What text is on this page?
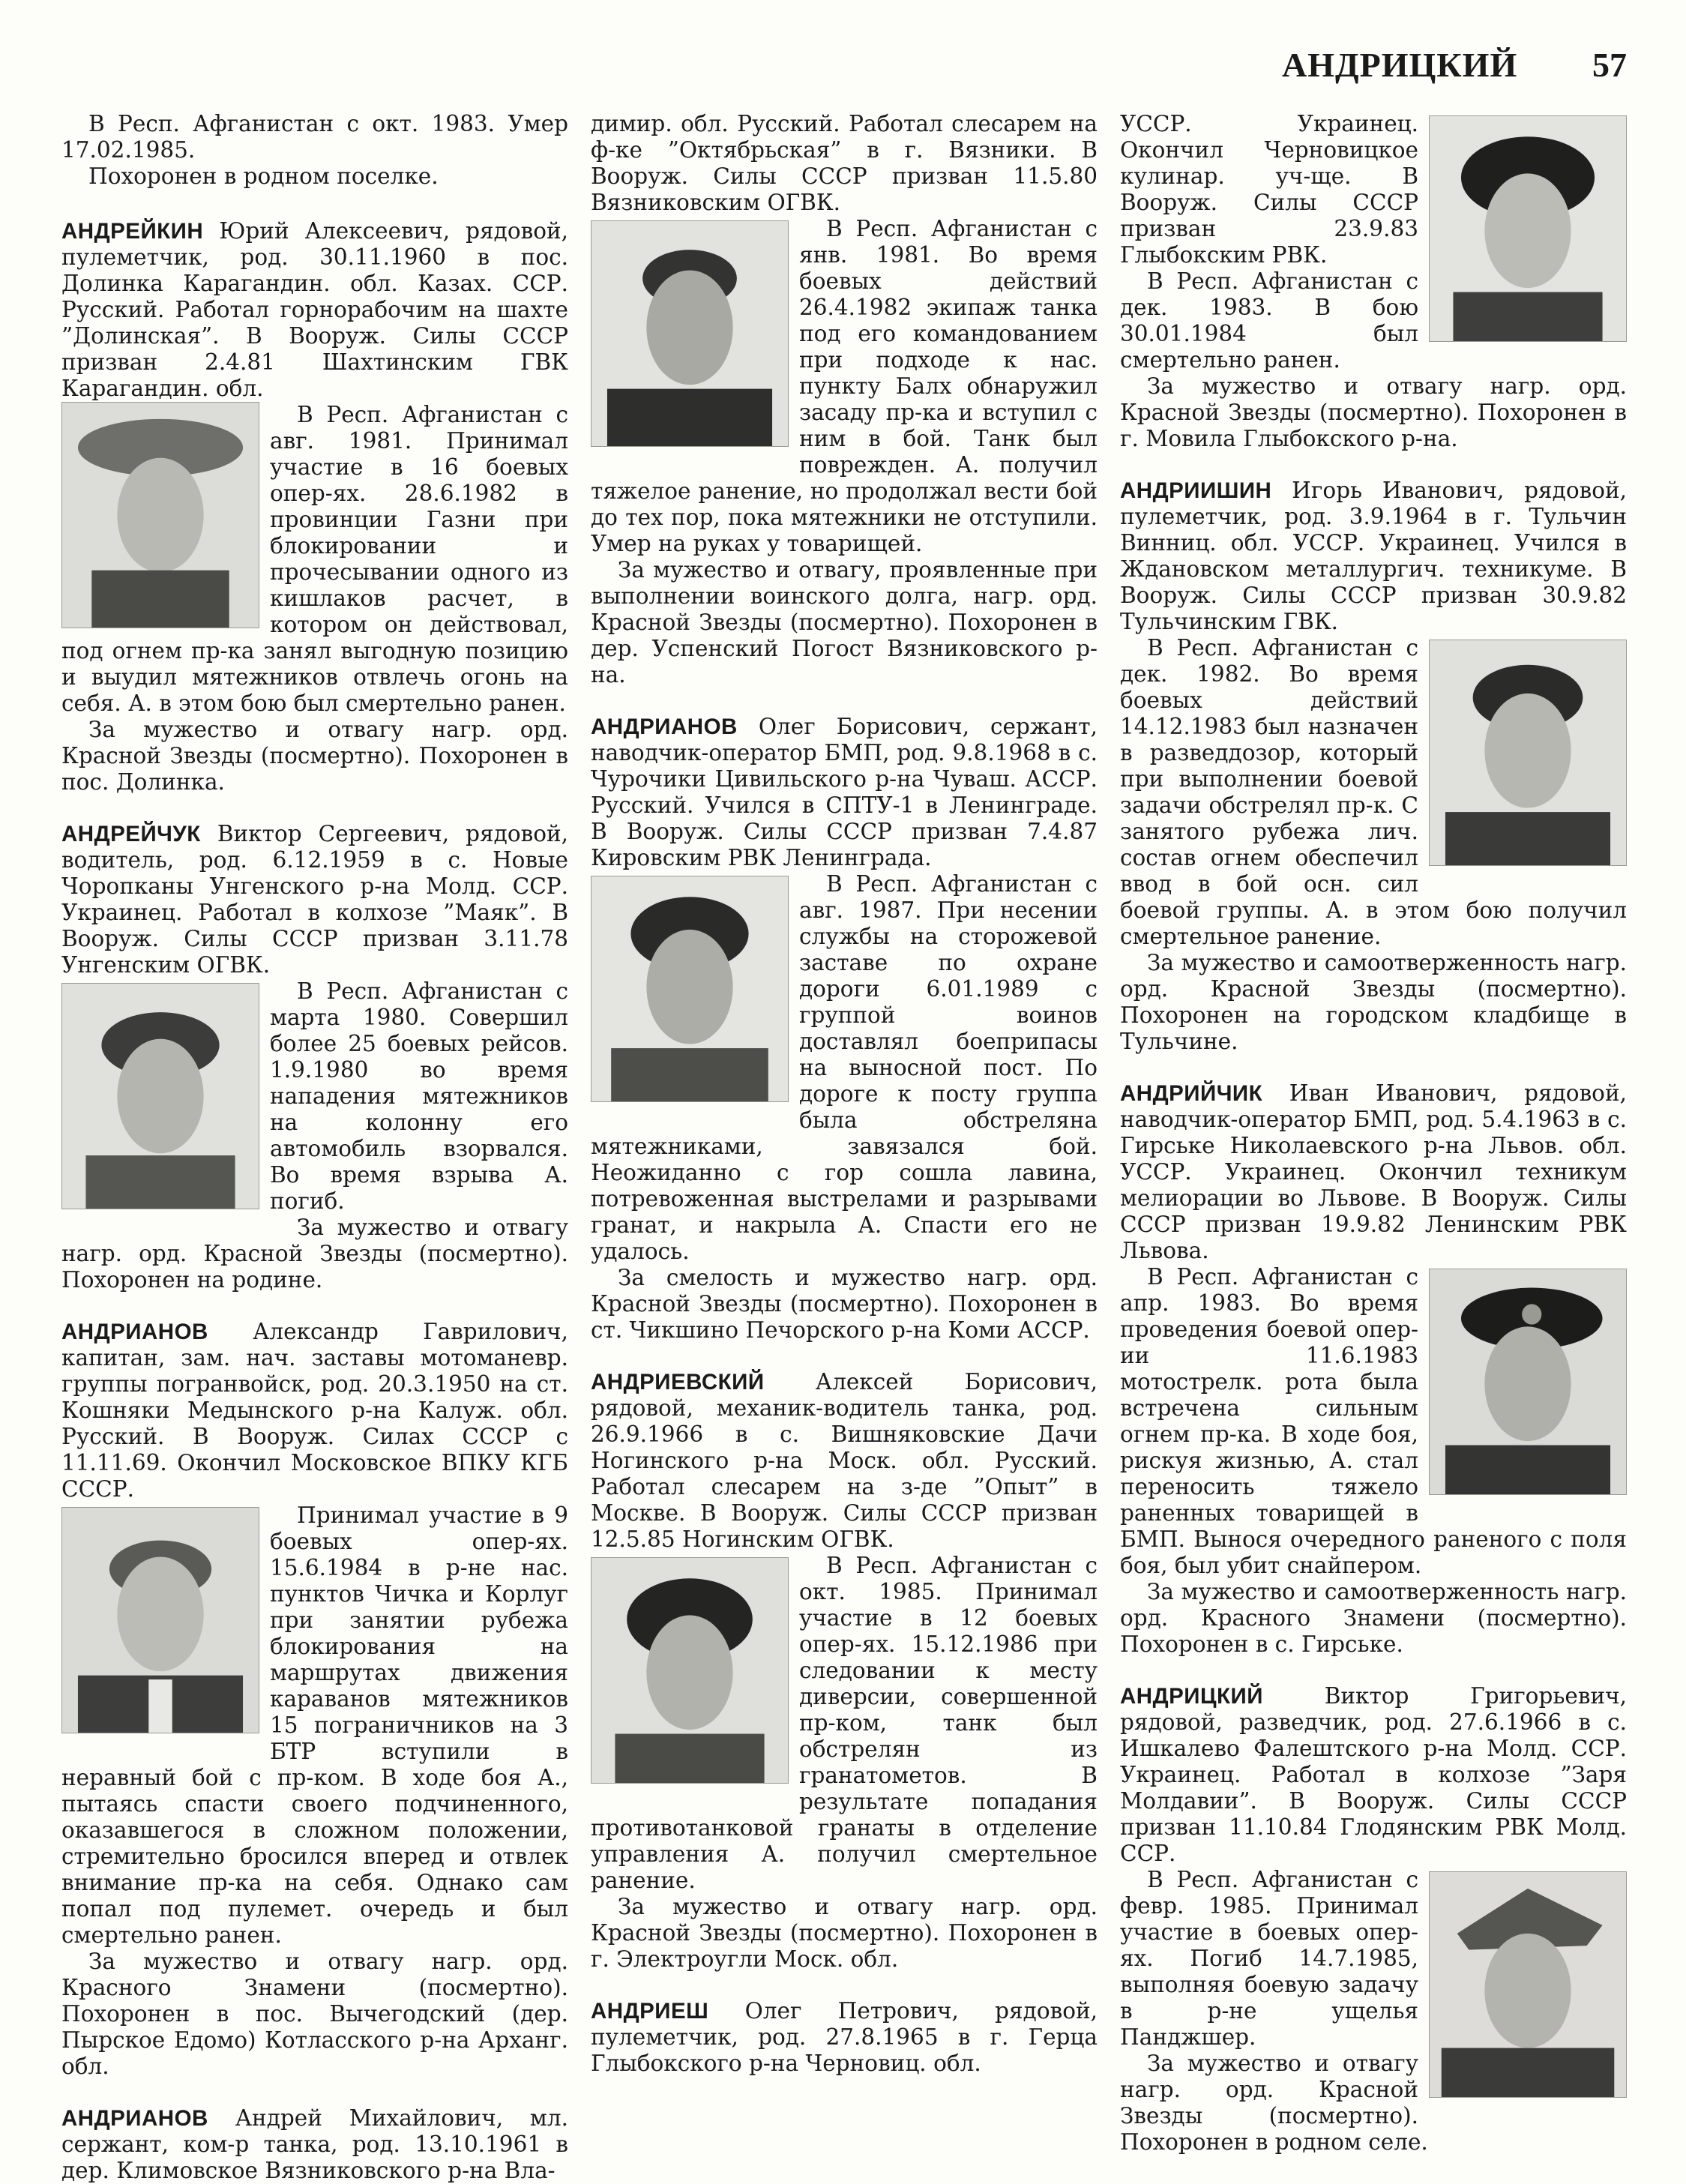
АНДРИЦКИЙ 57

В Респ. Афганистан с окт. 1983. Умер 17.02.1985.

Похоронен в родном поселке.

АНДРЕЙКИН Юрий Алексеевич, рядовой, пулеметчик, род. 30.11.1960 в пос. Долинка Карагандин. обл. Казах. ССР. Русский. Работал горнорабочим на шахте ”Долинская”. В Вооруж. Силы СССР призван 2.4.81 Шахтинским ГВК Карагандин. обл.

В Респ. Афганистан с авг. 1981. Принимал участие в 16 боевых опер-ях. 28.6.1982 в провинции Газни при блокировании и прочесывании одного из кишлаков расчет, в котором он действовал, под огнем пр-ка занял выгодную позицию и выудил мятежников отвлечь огонь на себя. А. в этом бою был смертельно ранен.

За мужество и отвагу нагр. орд. Красной Звезды (посмертно). Похоронен в пос. Долинка.

АНДРЕЙЧУК Виктор Сергеевич, рядовой, водитель, род. 6.12.1959 в с. Новые Чоропканы Унгенского р-на Молд. ССР. Украинец. Работал в колхозе ”Маяк”. В Вооруж. Силы СССР призван 3.11.78 Унгенским ОГВК.

В Респ. Афганистан с марта 1980. Совершил более 25 боевых рейсов. 1.9.1980 во время нападения мятежников на колонну его автомобиль взорвался. Во время взрыва А. погиб.

За мужество и отвагу нагр. орд. Красной Звезды (посмертно). Похоронен на родине.

АНДРИАНОВ Александр Гаврилович, капитан, зам. нач. заставы мотоманевр. группы погранвойск, род. 20.3.1950 на ст. Кошняки Медынского р-на Калуж. обл. Русский. В Вооруж. Силах СССР с 11.11.69. Окончил Московское ВПКУ КГБ СССР.

Принимал участие в 9 боевых опер-ях. 15.6.1984 в р-не нас. пунктов Чичка и Корлуг при занятии рубежа блокирования на маршрутах движения караванов мятежников 15 пограничников на 3 БТР вступили в неравный бой с пр-ком. В ходе боя А., пытаясь спасти своего подчиненного, оказавшегося в сложном положении, стремительно бросился вперед и отвлек внимание пр-ка на себя. Однако сам попал под пулемет. очередь и был смертельно ранен.

За мужество и отвагу нагр. орд. Красного Знамени (посмертно). Похоронен в пос. Вычегодский (дер. Пырское Едомо) Котласского р-на Арханг. обл.

АНДРИАНОВ Андрей Михайлович, мл. сержант, ком-р танка, род. 13.10.1961 в дер. Климовское Вязниковского р-на Вла-

димир. обл. Русский. Работал слесарем на ф-ке ”Октябрьская” в г. Вязники. В Вооруж. Силы СССР призван 11.5.80 Вязниковским ОГВК.

В Респ. Афганистан с янв. 1981. Во время боевых действий 26.4.1982 экипаж танка под его командованием при подходе к нас. пункту Балх обнаружил засаду пр-ка и вступил с ним в бой. Танк был поврежден. А. получил тяжелое ранение, но продолжал вести бой до тех пор, пока мятежники не отступили. Умер на руках у товарищей.

За мужество и отвагу, проявленные при выполнении воинского долга, нагр. орд. Красной Звезды (посмертно). Похоронен в дер. Успенский Погост Вязниковского р-на.

АНДРИАНОВ Олег Борисович, сержант, наводчик-оператор БМП, род. 9.8.1968 в с. Чурочики Цивильского р-на Чуваш. АССР. Русский. Учился в СПТУ-1 в Ленинграде. В Вооруж. Силы СССР призван 7.4.87 Кировским РВК Ленинграда.

В Респ. Афганистан с авг. 1987. При несении службы на сторожевой заставе по охране дороги 6.01.1989 с группой воинов доставлял боеприпасы на выносной пост. По дороге к посту группа была обстреляна мятежниками, завязался бой. Неожиданно с гор сошла лавина, потревоженная выстрелами и разрывами гранат, и накрыла А. Спасти его не удалось.

За смелость и мужество нагр. орд. Красной Звезды (посмертно). Похоронен в ст. Чикшино Печорского р-на Коми АССР.

АНДРИЕВСКИЙ Алексей Борисович, рядовой, механик-водитель танка, род. 26.9.1966 в с. Вишняковские Дачи Ногинского р-на Моск. обл. Русский. Работал слесарем на з-де ”Опыт” в Москве. В Вооруж. Силы СССР призван 12.5.85 Ногинским ОГВК.

В Респ. Афганистан с окт. 1985. Принимал участие в 12 боевых опер-ях. 15.12.1986 при следовании к месту диверсии, совершенной пр-ком, танк был обстрелян из гранатометов. В результате попадания противотанковой гранаты в отделение управления А. получил смертельное ранение.

За мужество и отвагу нагр. орд. Красной Звезды (посмертно). Похоронен в г. Электроугли Моск. обл.

АНДРИЕШ Олег Петрович, рядовой, пулеметчик, род. 27.8.1965 в г. Герца Глыбокского р-на Черновиц. обл.

УССР. Украинец. Окончил Черновицкое кулинар. уч-ще. В Вооруж. Силы СССР призван 23.9.83 Глыбокским РВК.

В Респ. Афганистан с дек. 1983. В бою 30.01.1984 был смертельно ранен.

За мужество и отвагу нагр. орд. Красной Звезды (посмертно). Похоронен в г. Мовила Глыбокского р-на.

АНДРИИШИН Игорь Иванович, рядовой, пулеметчик, род. 3.9.1964 в г. Тульчин Винниц. обл. УССР. Украинец. Учился в Ждановском металлургич. техникуме. В Вооруж. Силы СССР призван 30.9.82 Тульчинским ГВК.

В Респ. Афганистан с дек. 1982. Во время боевых действий 14.12.1983 был назначен в разведдозор, который при выполнении боевой задачи обстрелял пр-к. С занятого рубежа лич. состав огнем обеспечил ввод в бой осн. сил боевой группы. А. в этом бою получил смертельное ранение.

За мужество и самоотверженность нагр. орд. Красной Звезды (посмертно). Похоронен на городском кладбище в Тульчине.

АНДРИЙЧИК Иван Иванович, рядовой, наводчик-оператор БМП, род. 5.4.1963 в с. Гирське Николаевского р-на Львов. обл. УССР. Украинец. Окончил техникум мелиорации во Львове. В Вооруж. Силы СССР призван 19.9.82 Ленинским РВК Львова.

В Респ. Афганистан с апр. 1983. Во время проведения боевой опер-ии 11.6.1983 мотострелк. рота была встречена сильным огнем пр-ка. В ходе боя, рискуя жизнью, А. стал переносить тяжело раненных товарищей в БМП. Вынося очередного раненого с поля боя, был убит снайпером.

За мужество и самоотверженность нагр. орд. Красного Знамени (посмертно). Похоронен в с. Гирське.

АНДРИЦКИЙ	Виктор Григорьевич, рядовой, разведчик, род. 27.6.1966 в с. Ишкалево Фалештского р-на Молд. ССР. Украинец. Работал в колхозе ”Заря Молдавии”. В Вооруж. Силы СССР призван 11.10.84 Глодянским РВК Молд. ССР.

В Респ. Афганистан с февр. 1985. Принимал участие в боевых опер-ях. Погиб 14.7.1985, выполняя боевую задачу в р-не ущелья Панджшер.

За мужество и отвагу нагр. орд. Красной Звезды (посмертно). Похоронен в родном селе.
